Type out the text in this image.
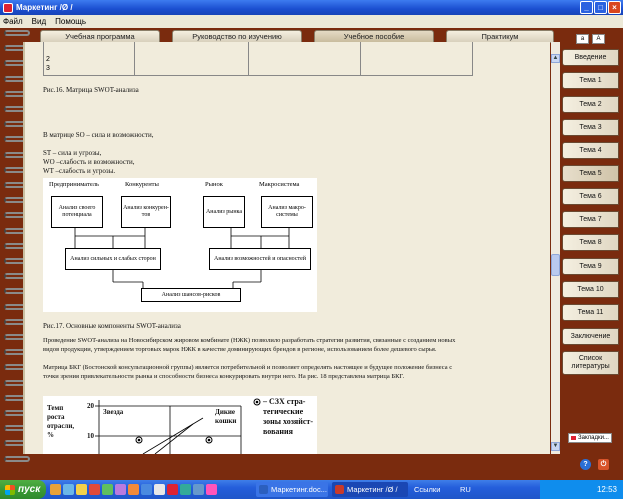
Маркетинг /Ø /	_	□	×
Файл Вид Помощь
Учебная программа	Руководство по изучению	Учебное пособие	Практикум
2
3
Рис.16. Матрица SWOT-анализа
В матрице SO – сила и возможности,
ST – сила и угрозы,
WO –слабость и возможности,
WT –слабость и угрозы.
Предприниматель	Конкуренты	Рынок	Макросистема
Анализ своего потенциала
Анализ конкурен-тов
Анализ рынка
Анализ макро-системы
Анализ сильных и слабых сторон	Анализ возможностей и опасностей
Анализ шансов-рисков
Рис.17. Основные компоненты SWOT-анализа
Проведение SWOT-анализа на Новосибирском жировом комбинате (НЖК) позволило разработать стратегии развития, связанные с созданием новых
видов продукции, утверждением торговых марок НЖК в качестве доминирующих брендов в регионе, использованием более дешевого сырья.
Матрица БКГ (Бостонской консультационной группы) является потребительной и позволяет определять настоящее и будущее положение бизнеса с
точки зрения привлекательности рынка и способности бизнеса конкурировать внутри него. На рис. 18 представлена матрица БКГ.
Темп
роста
отрасли,
%
20
10
Звезда	Дикие
кошки
– СЗХ стра-
тегические
зоны хозяйст-
вования
▲
▼
a	A
Введение
Тема 1
Тема 2
Тема 3
Тема 4
Тема 5
Тема 6
Тема 7
Тема 8
Тема 9
Тема 10
Тема 11
Заключение
Список литературы
Закладки...
?	⏻
пуск	Маркетинг.doc...	Маркетинг /Ø /	Ссылки	RU	12:53
